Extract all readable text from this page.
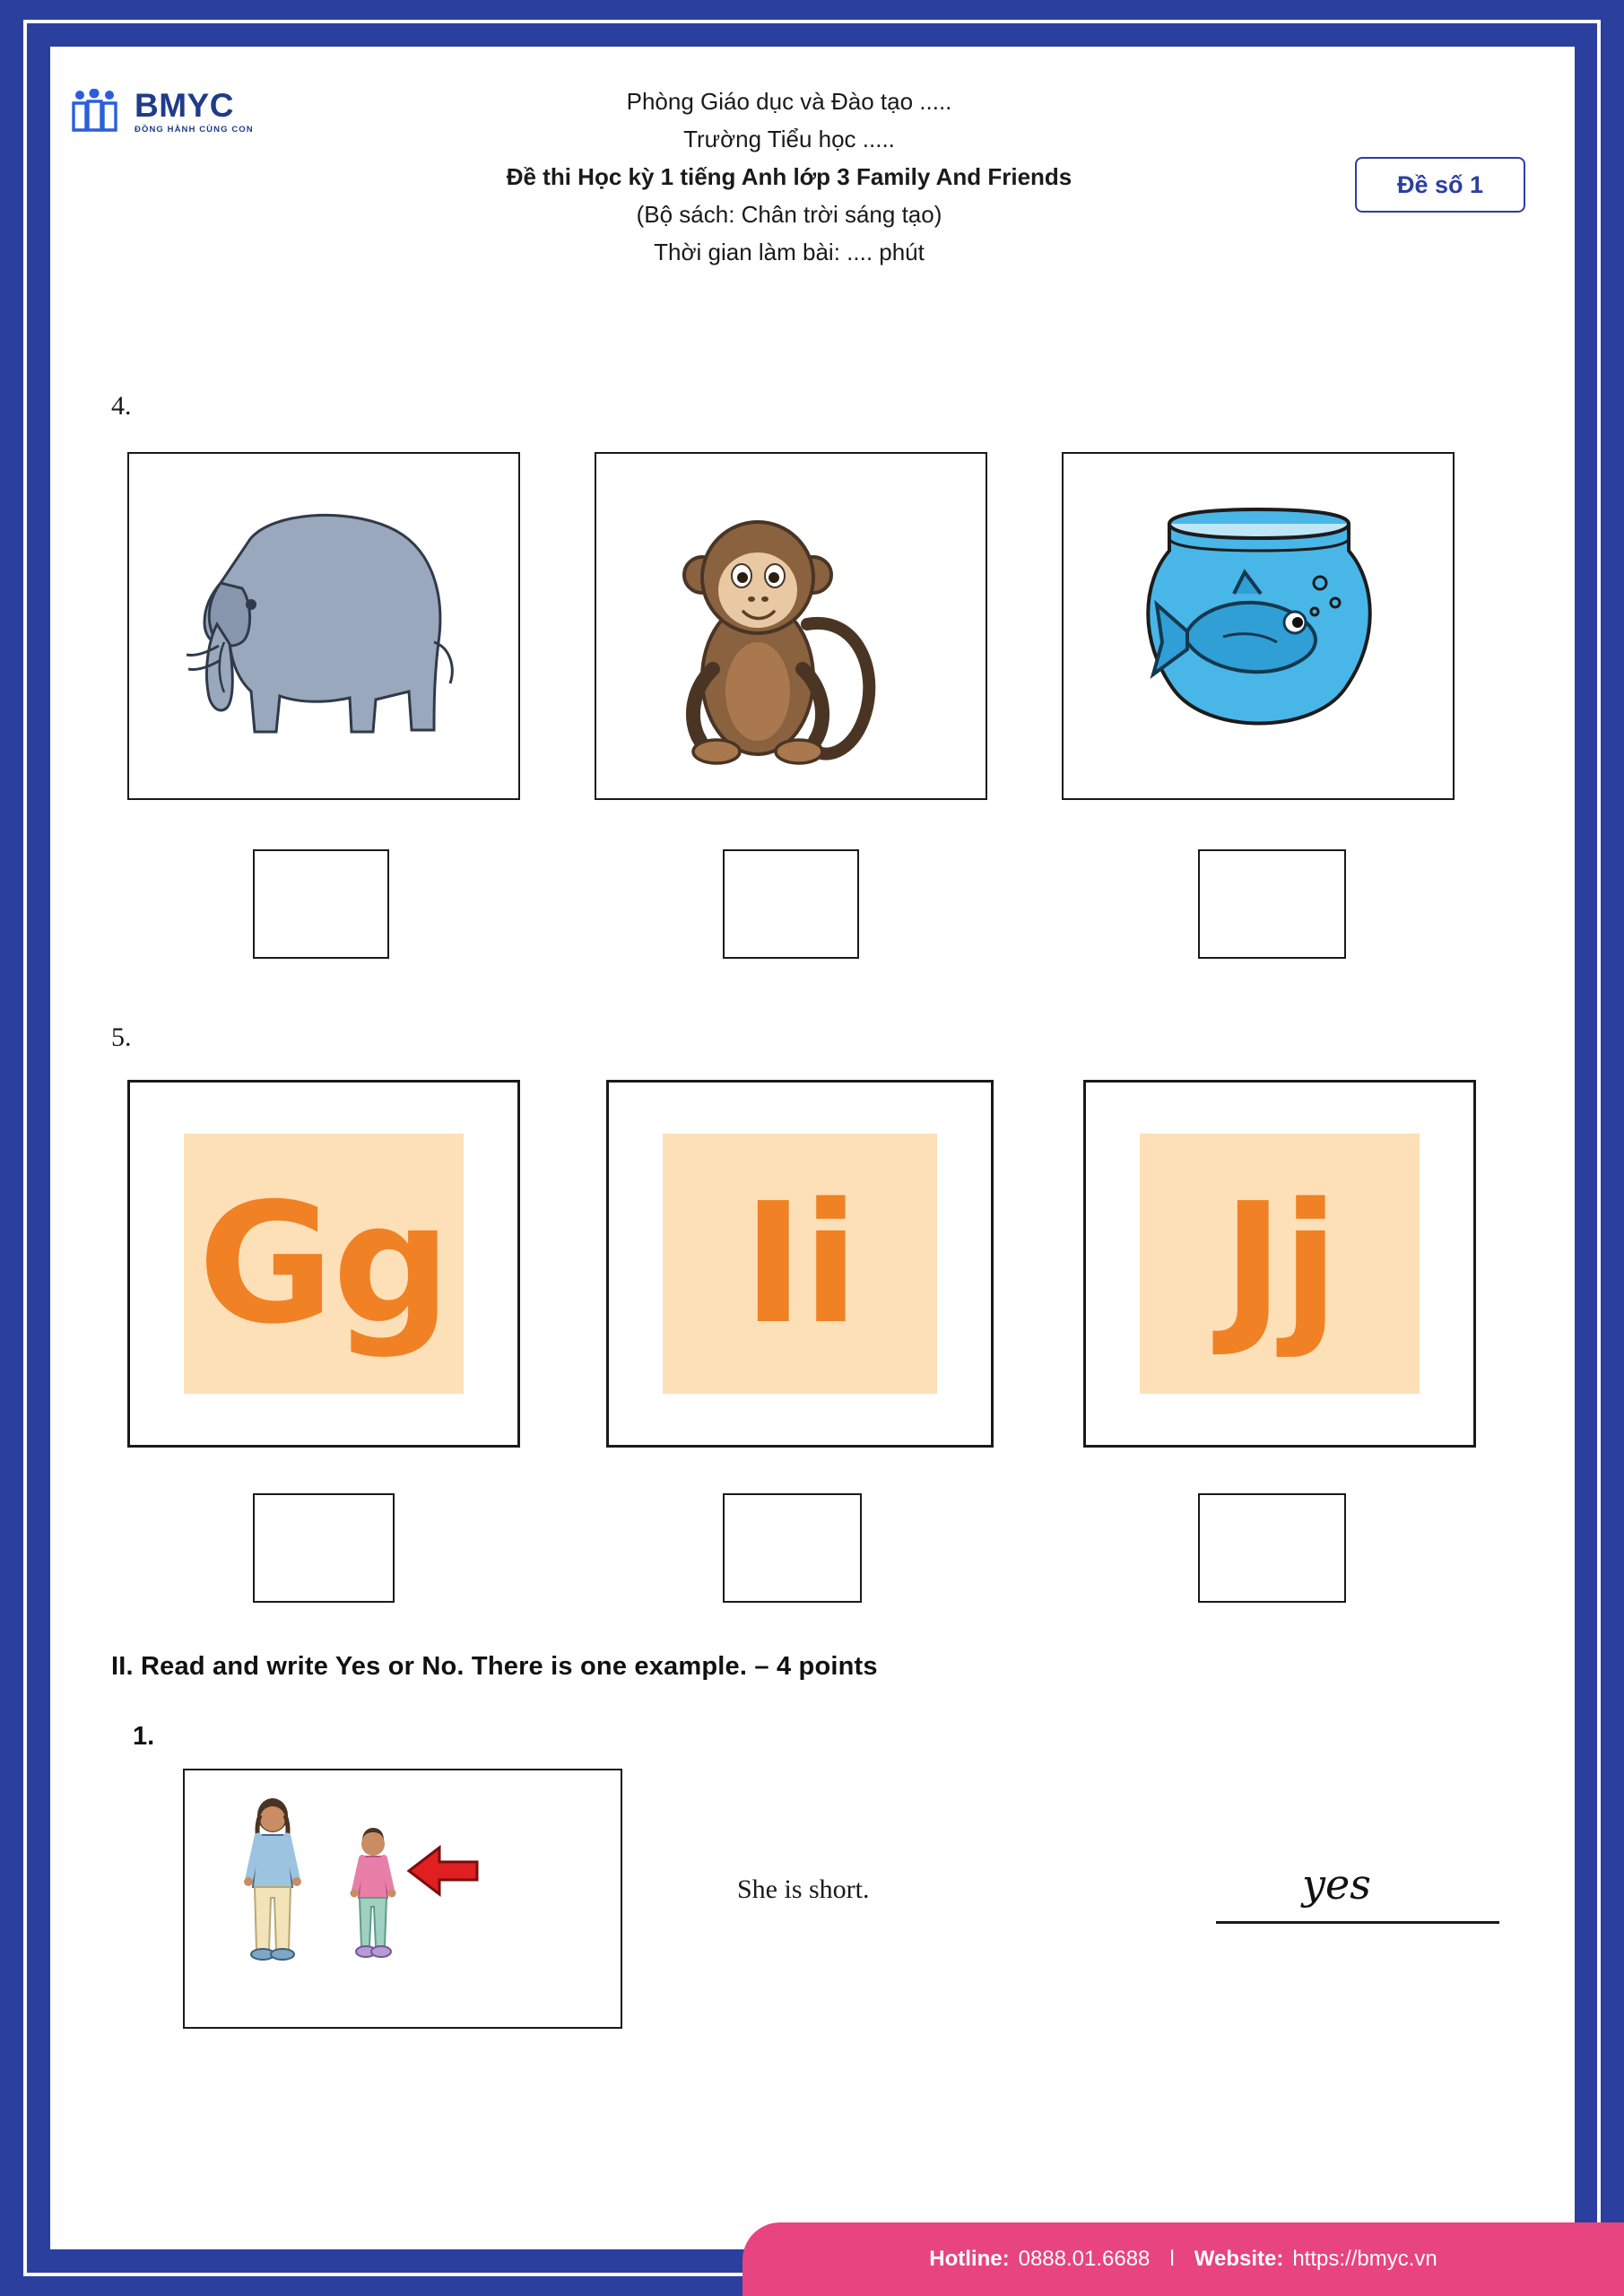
BMYC
ĐỒNG HÀNH CÙNG CON
Phòng Giáo dục và Đào tạo .....
Trường Tiểu học .....
Đề thi Học kỳ 1 tiếng Anh lớp 3 Family And Friends
(Bộ sách: Chân trời sáng tạo)
Thời gian làm bài: .... phút
Đề số 1
4.
5.
Gg Ii Jj
II. Read and write Yes or No. There is one example. – 4 points
1.
She is short.	yes
Hotline: 0888.01.6688 l Website: https://bmyc.vn
